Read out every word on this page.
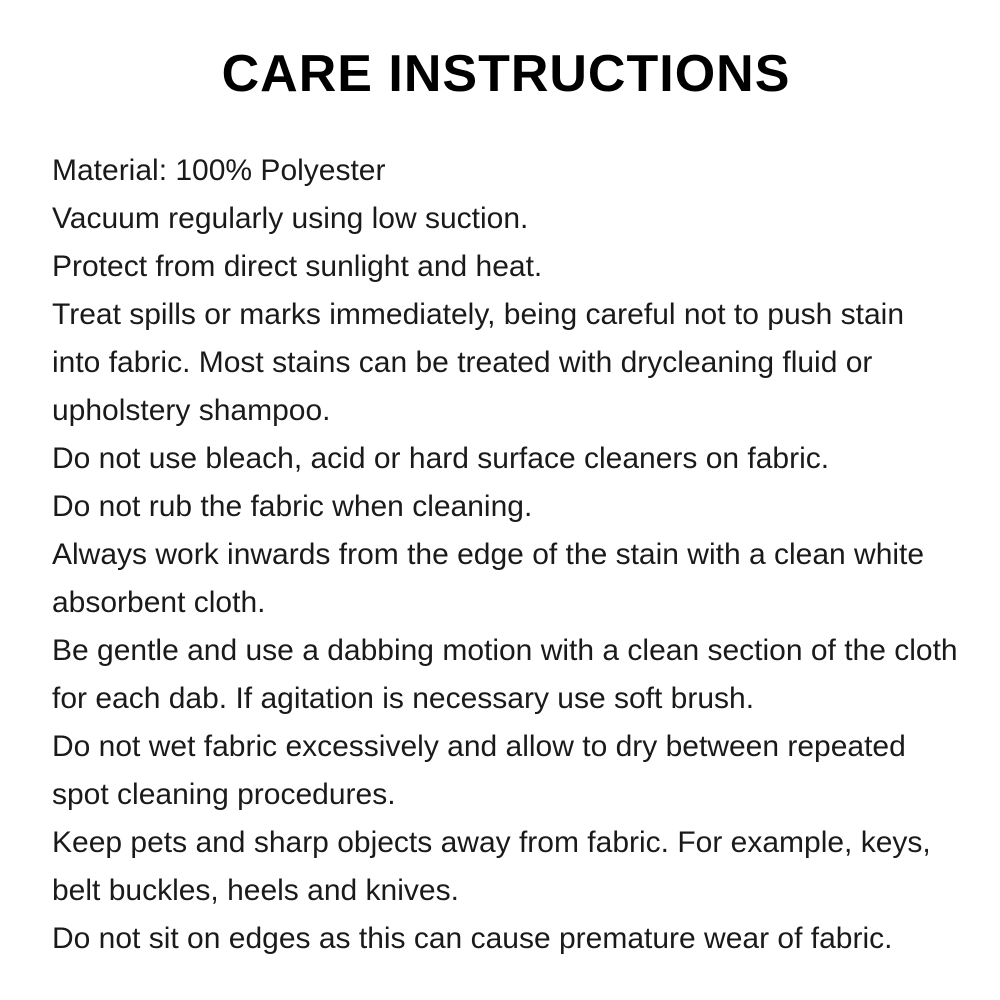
CARE INSTRUCTIONS

Material: 100% Polyester

Vacuum regularly using low suction.

Protect from direct sunlight and heat.

Treat spills or marks immediately, being careful not to push stain into fabric. Most stains can be treated with drycleaning fluid or upholstery shampoo.

Do not use bleach, acid or hard surface cleaners on fabric.

Do not rub the fabric when cleaning.

Always work inwards from the edge of the stain with a clean white absorbent cloth.

Be gentle and use a dabbing motion with a clean section of the cloth for each dab. If agitation is necessary use soft brush.

Do not wet fabric excessively and allow to dry between repeated spot cleaning procedures.

Keep pets and sharp objects away from fabric. For example, keys, belt buckles, heels and knives.

Do not sit on edges as this can cause premature wear of fabric.
